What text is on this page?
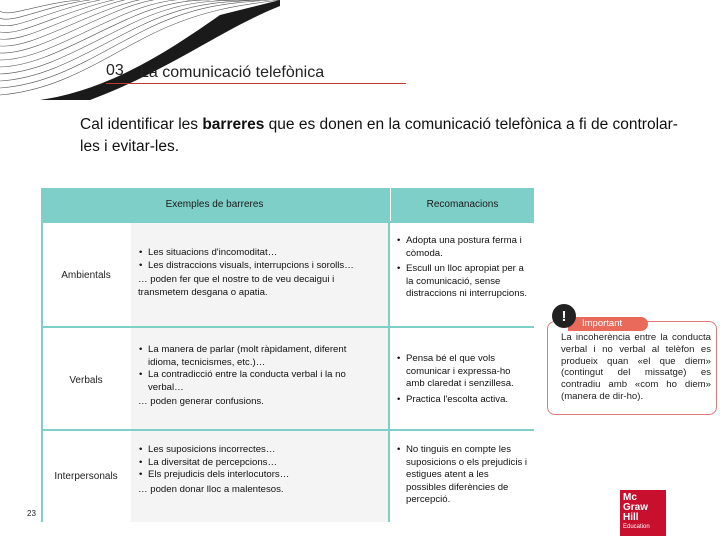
03 La comunicació telefònica
Cal identificar les barreres que es donen en la comunicació telefònica a fi de controlar-les i evitar-les.
Exemples de barreres	Recomanacions
Ambientals
• Les situacions d'incomoditat…
• Les distraccions visuals, interrupcions i sorolls…
… poden fer que el nostre to de veu decaigui i transmetem desgana o apatia.
• Adopta una postura ferma i còmoda.
• Escull un lloc apropiat per a la comunicació, sense distraccions ni interrupcions.
Verbals
• La manera de parlar (molt ràpidament, diferent idioma, tecnicismes, etc.)…
• La contradicció entre la conducta verbal i la no verbal…
… poden generar confusions.
• Pensa bé el que vols comunicar i expressa-ho amb claredat i senzillesa.
• Practica l'escolta activa.
Interpersonals
• Les suposicions incorrectes…
• La diversitat de percepcions…
• Els prejudicis dels interlocutors…
… poden donar lloc a malentesos.
• No tinguis en compte les suposicions o els prejudicis i estigues atent a les possibles diferències de percepció.
23
Important
!
La incoherència entre la conducta verbal i no verbal al telèfon es produeix quan «el que diem» (contingut del missatge) es contradiu amb «com ho diem» (manera de dir-ho).
Mc
Graw
Hill
Education
